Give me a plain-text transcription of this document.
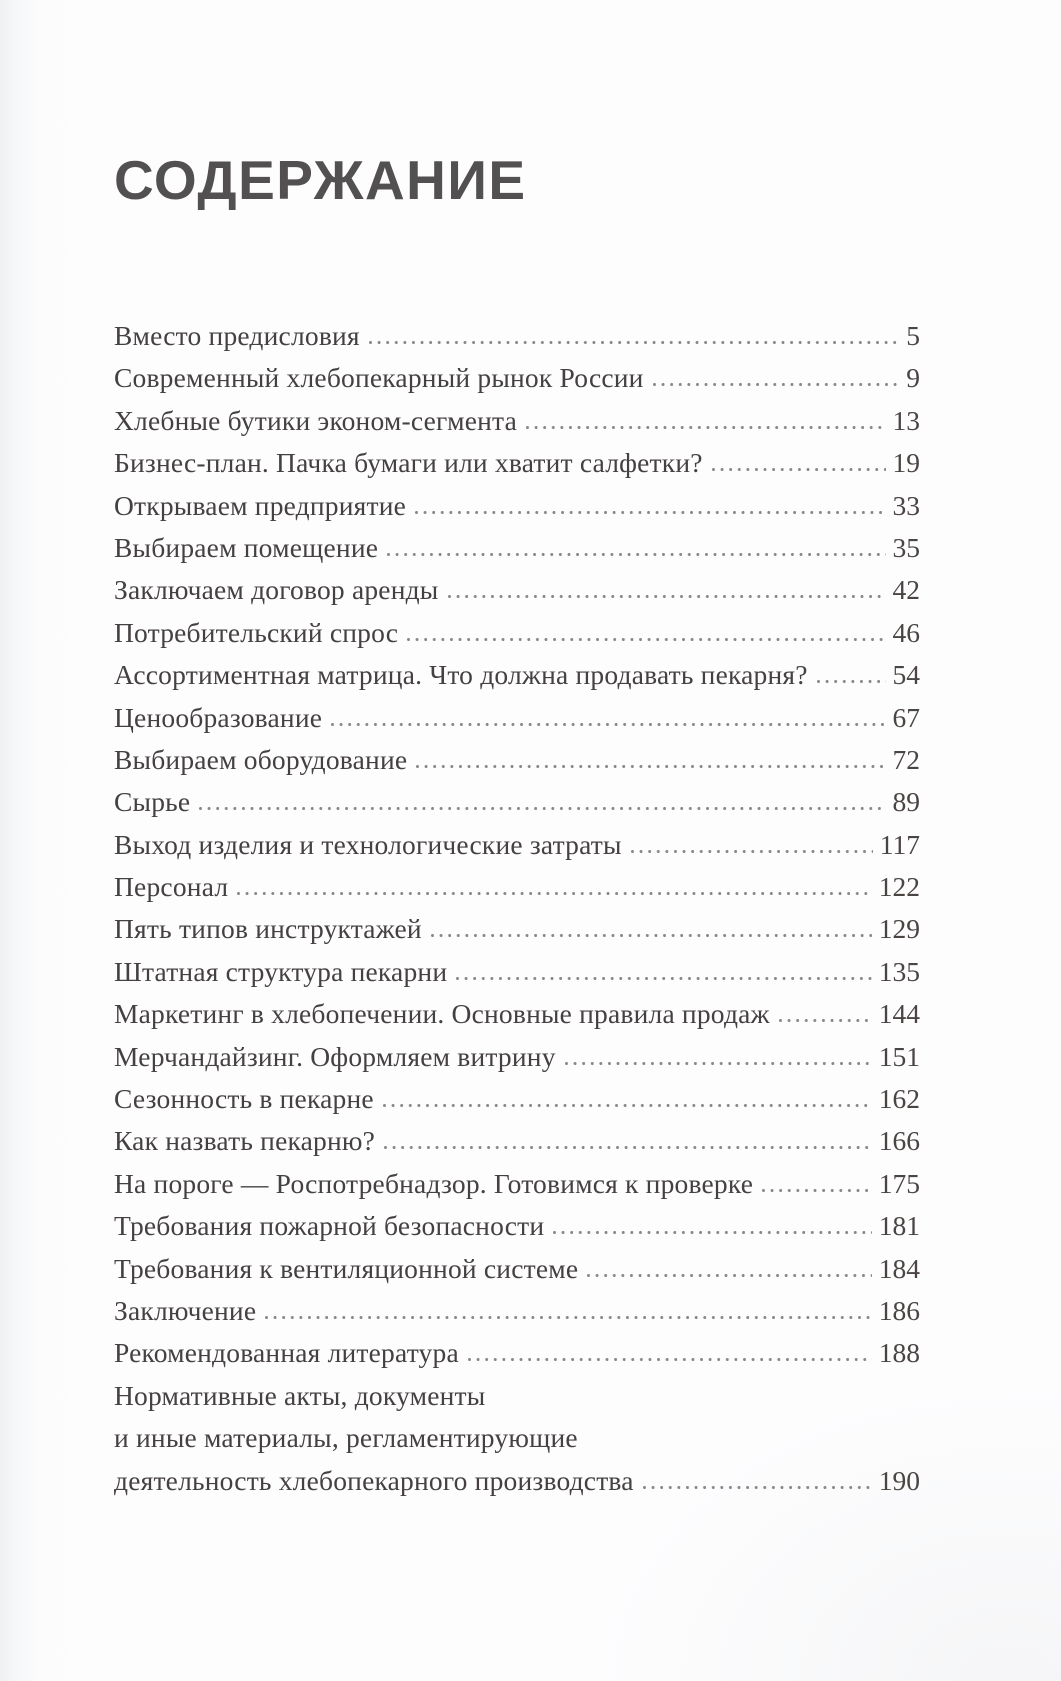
СОДЕРЖАНИЕ
Вместо предисловия	5
Современный хлебопекарный рынок России	9
Хлебные бутики эконом-сегмента	13
Бизнес-план. Пачка бумаги или хватит салфетки?	19
Открываем предприятие	33
Выбираем помещение	35
Заключаем договор аренды	42
Потребительский спрос	46
Ассортиментная матрица. Что должна продавать пекарня?	54
Ценообразование	67
Выбираем оборудование	72
Сырье	89
Выход изделия и технологические затраты	117
Персонал	122
Пять типов инструктажей	129
Штатная структура пекарни	135
Маркетинг в хлебопечении. Основные правила продаж	144
Мерчандайзинг. Оформляем витрину	151
Сезонность в пекарне	162
Как назвать пекарню?	166
На пороге — Роспотребнадзор. Готовимся к проверке	175
Требования пожарной безопасности	181
Требования к вентиляционной системе	184
Заключение	186
Рекомендованная литература	188
Нормативные акты, документы
и иные материалы, регламентирующие
деятельность хлебопекарного производства	190
